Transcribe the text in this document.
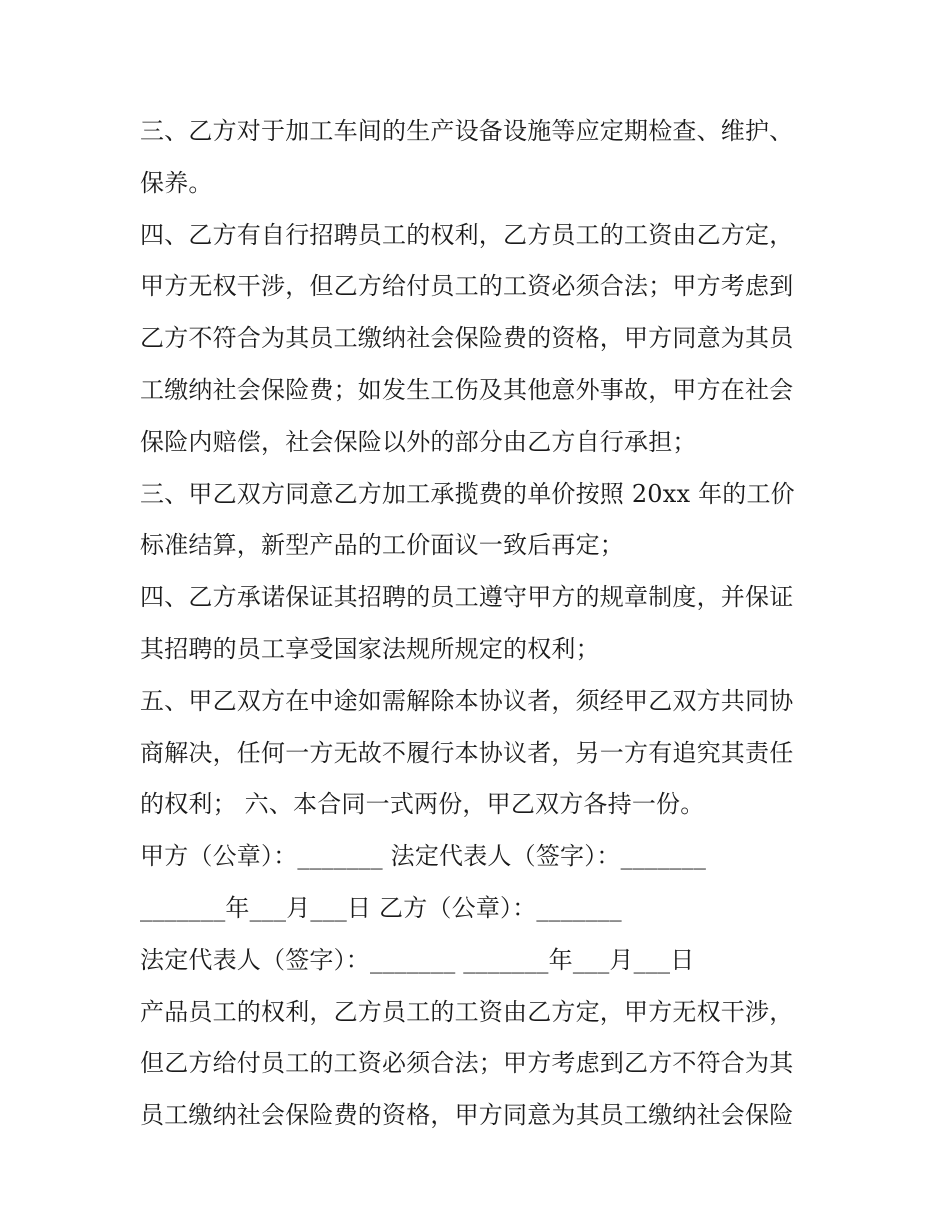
三、乙方对于加工车间的生产设备设施等应定期检查、维护、
保养。
四、乙方有自行招聘员工的权利，乙方员工的工资由乙方定，
甲方无权干涉，但乙方给付员工的工资必须合法；甲方考虑到
乙方不符合为其员工缴纳社会保险费的资格，甲方同意为其员
工缴纳社会保险费；如发生工伤及其他意外事故，甲方在社会
保险内赔偿，社会保险以外的部分由乙方自行承担；
三、甲乙双方同意乙方加工承揽费的单价按照 20xx 年的工价
标准结算，新型产品的工价面议一致后再定；
四、乙方承诺保证其招聘的员工遵守甲方的规章制度，并保证
其招聘的员工享受国家法规所规定的权利；
五、甲乙双方在中途如需解除本协议者，须经甲乙双方共同协
商解决，任何一方无故不履行本协议者，另一方有追究其责任
的权利； 六、本合同一式两份，甲乙双方各持一份。
甲方（公章）：_______ 法定代表人（签字）：_______
_______年___月___日 乙方（公章）：_______
法定代表人（签字）：_______ _______年___月___日
产品员工的权利，乙方员工的工资由乙方定，甲方无权干涉，
但乙方给付员工的工资必须合法；甲方考虑到乙方不符合为其
员工缴纳社会保险费的资格，甲方同意为其员工缴纳社会保险
